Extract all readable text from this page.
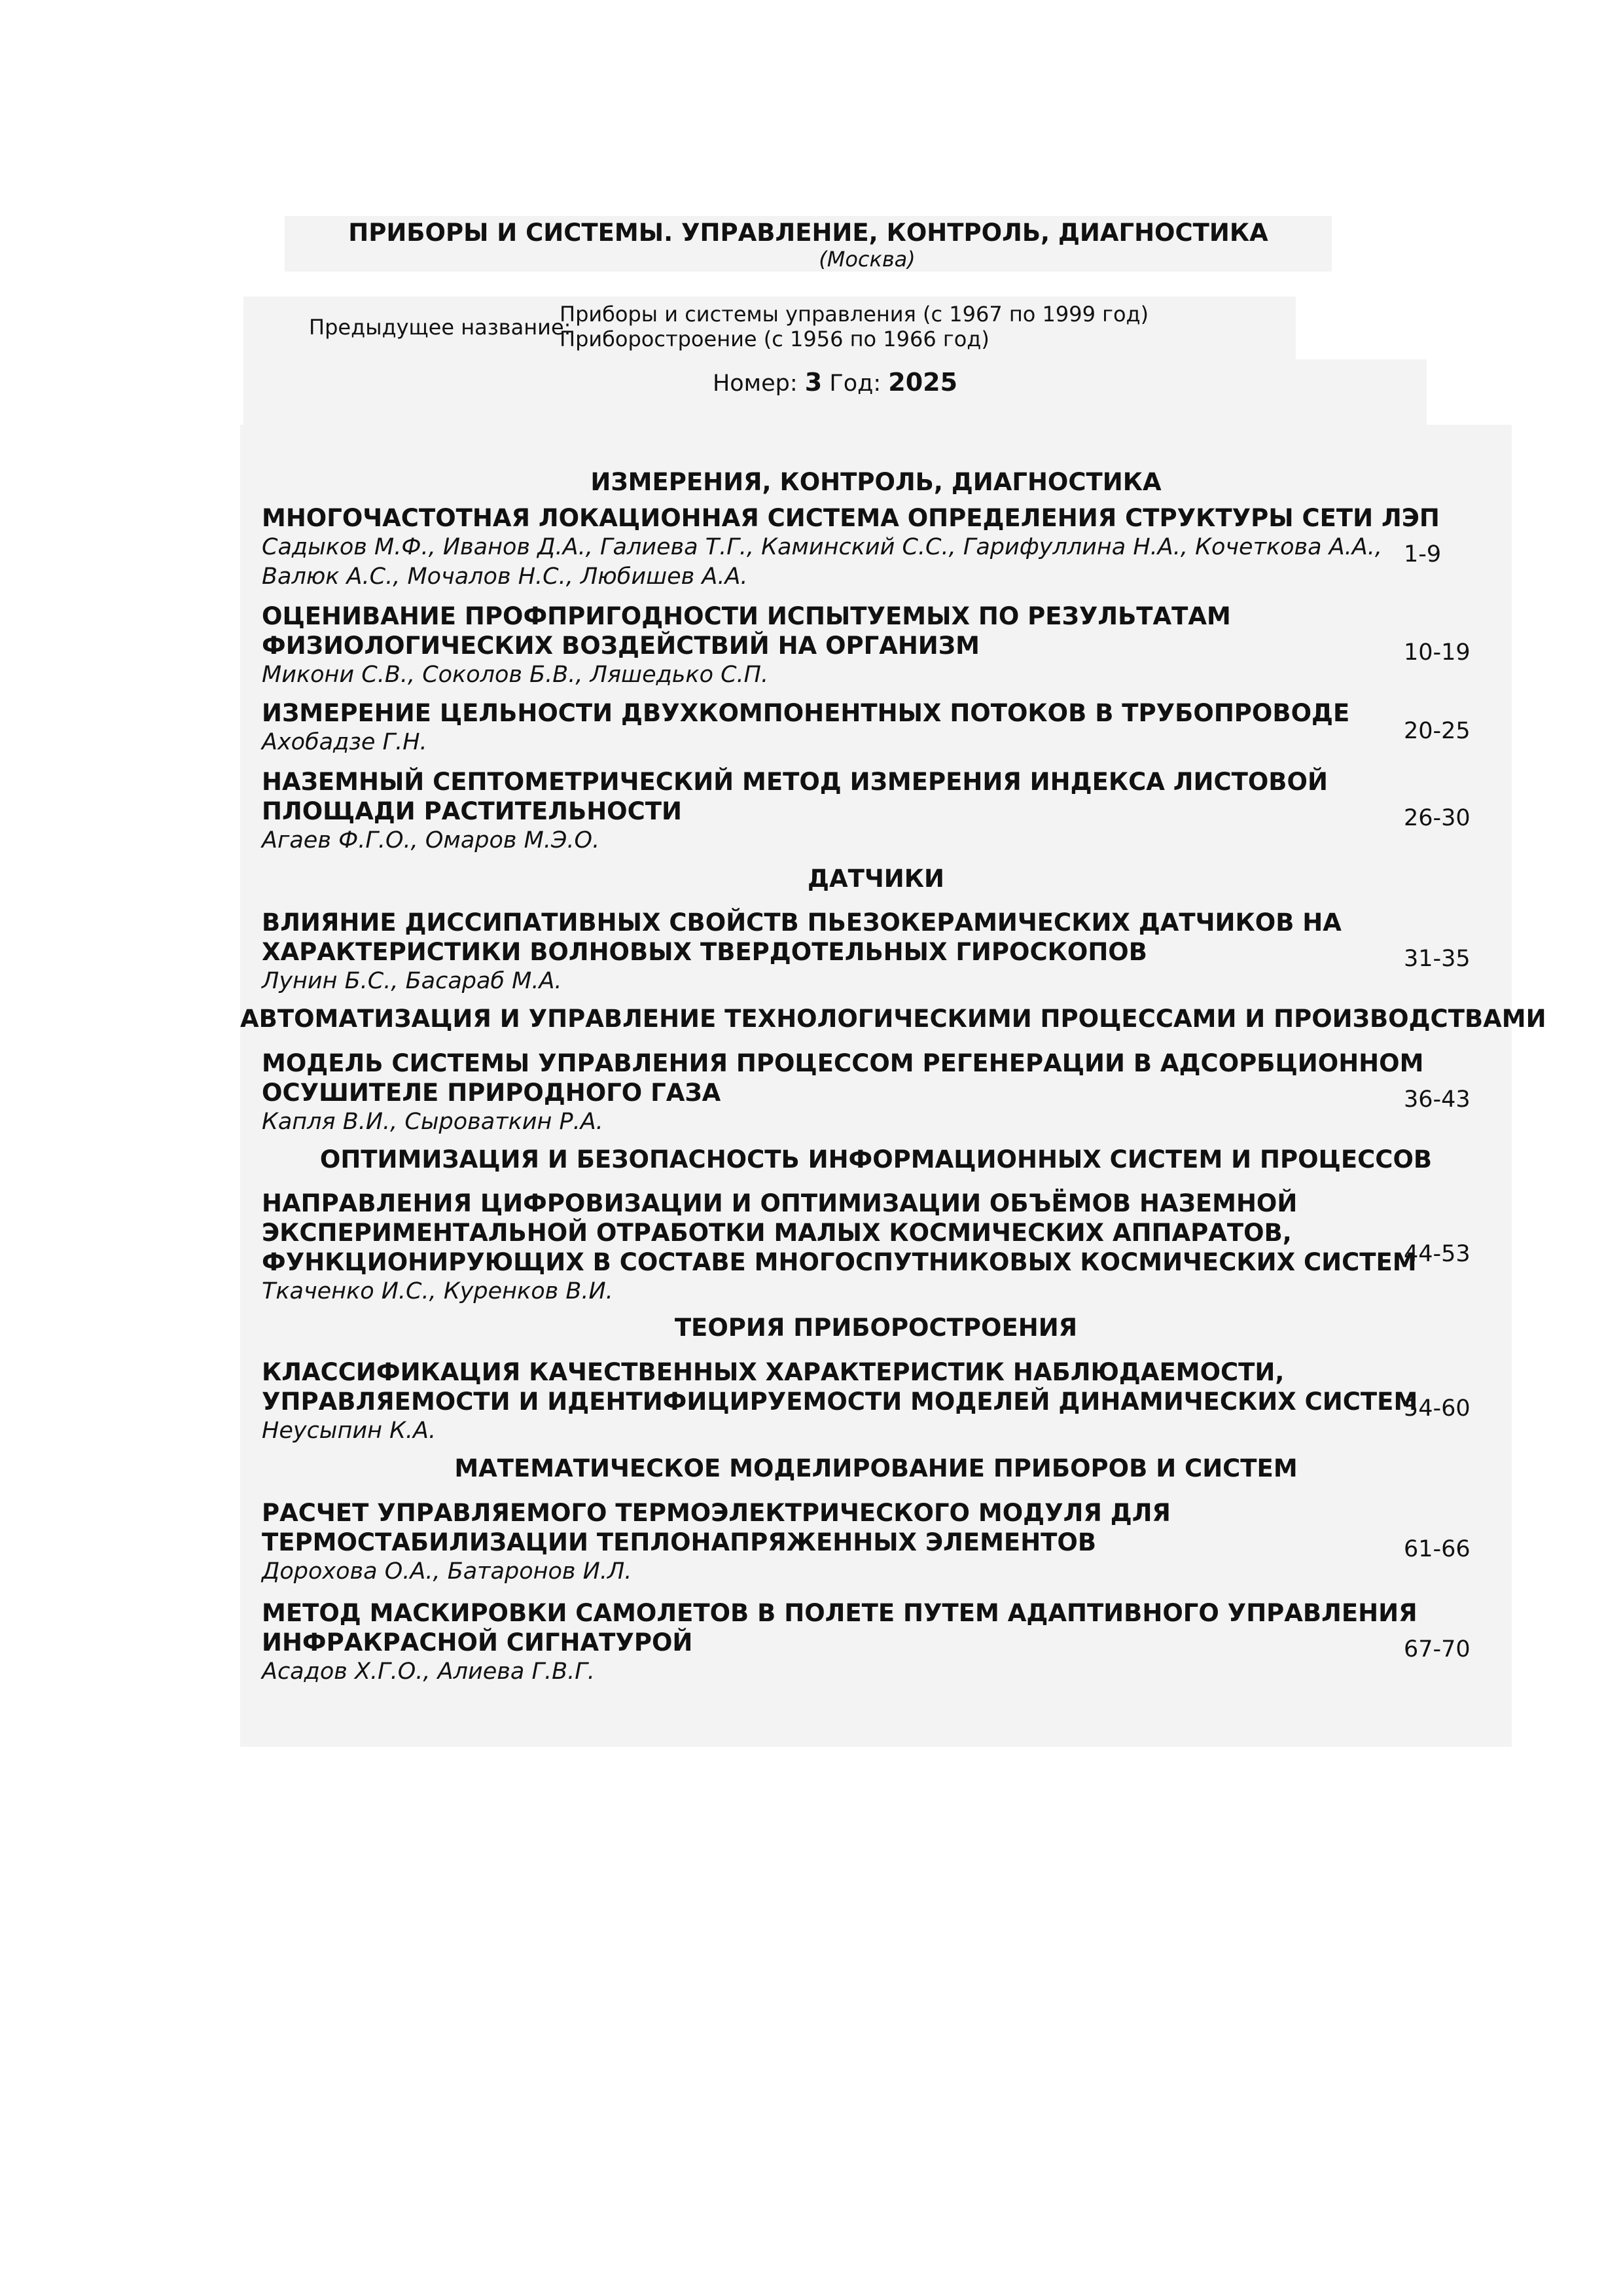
ПРИБОРЫ И СИСТЕМЫ. УПРАВЛЕНИЕ, КОНТРОЛЬ, ДИАГНОСТИКА
(Москва)
Предыдущее название:
Приборы и системы управления (с 1967 по 1999 год)
Приборостроение (с 1956 по 1966 год)
Номер: 3 Год: 2025
ИЗМЕРЕНИЯ, КОНТРОЛЬ, ДИАГНОСТИКА
МНОГОЧАСТОТНАЯ ЛОКАЦИОННАЯ СИСТЕМА ОПРЕДЕЛЕНИЯ СТРУКТУРЫ СЕТИ ЛЭП
Садыков М.Ф., Иванов Д.А., Галиева Т.Г., Каминский С.С., Гарифуллина Н.А., Кочеткова А.А.,
Валюк А.С., Мочалов Н.С., Любишев А.А.
1-9
ОЦЕНИВАНИЕ ПРОФПРИГОДНОСТИ ИСПЫТУЕМЫХ ПО РЕЗУЛЬТАТАМ
ФИЗИОЛОГИЧЕСКИХ ВОЗДЕЙСТВИЙ НА ОРГАНИЗМ
Микони С.В., Соколов Б.В., Ляшедько С.П.
10-19
ИЗМЕРЕНИЕ ЦЕЛЬНОСТИ ДВУХКОМПОНЕНТНЫХ ПОТОКОВ В ТРУБОПРОВОДЕ
Ахобадзе Г.Н.	20-25
НАЗЕМНЫЙ СЕПТОМЕТРИЧЕСКИЙ МЕТОД ИЗМЕРЕНИЯ ИНДЕКСА ЛИСТОВОЙ
ПЛОЩАДИ РАСТИТЕЛЬНОСТИ
Агаев Ф.Г.О., Омаров М.Э.О.
26-30
ДАТЧИКИ
ВЛИЯНИЕ ДИССИПАТИВНЫХ СВОЙСТВ ПЬЕЗОКЕРАМИЧЕСКИХ ДАТЧИКОВ НА
ХАРАКТЕРИСТИКИ ВОЛНОВЫХ ТВЕРДОТЕЛЬНЫХ ГИРОСКОПОВ
Лунин Б.С., Басараб М.А.
31-35
АВТОМАТИЗАЦИЯ И УПРАВЛЕНИЕ ТЕХНОЛОГИЧЕСКИМИ ПРОЦЕССАМИ И ПРОИЗВОДСТВАМИ
МОДЕЛЬ СИСТЕМЫ УПРАВЛЕНИЯ ПРОЦЕССОМ РЕГЕНЕРАЦИИ В АДСОРБЦИОННОМ
ОСУШИТЕЛЕ ПРИРОДНОГО ГАЗА
Капля В.И., Сыроваткин Р.А.
36-43
ОПТИМИЗАЦИЯ И БЕЗОПАСНОСТЬ ИНФОРМАЦИОННЫХ СИСТЕМ И ПРОЦЕССОВ
НАПРАВЛЕНИЯ ЦИФРОВИЗАЦИИ И ОПТИМИЗАЦИИ ОБЪЁМОВ НАЗЕМНОЙ
ЭКСПЕРИМЕНТАЛЬНОЙ ОТРАБОТКИ МАЛЫХ КОСМИЧЕСКИХ АППАРАТОВ,
ФУНКЦИОНИРУЮЩИХ В СОСТАВЕ МНОГОСПУТНИКОВЫХ КОСМИЧЕСКИХ СИСТЕМ
Ткаченко И.С., Куренков В.И.
44-53
ТЕОРИЯ ПРИБОРОСТРОЕНИЯ
КЛАССИФИКАЦИЯ КАЧЕСТВЕННЫХ ХАРАКТЕРИСТИК НАБЛЮДАЕМОСТИ,
УПРАВЛЯЕМОСТИ И ИДЕНТИФИЦИРУЕМОСТИ МОДЕЛЕЙ ДИНАМИЧЕСКИХ СИСТЕМ
Неусыпин К.А.
54-60
МАТЕМАТИЧЕСКОЕ МОДЕЛИРОВАНИЕ ПРИБОРОВ И СИСТЕМ
РАСЧЕТ УПРАВЛЯЕМОГО ТЕРМОЭЛЕКТРИЧЕСКОГО МОДУЛЯ ДЛЯ
ТЕРМОСТАБИЛИЗАЦИИ ТЕПЛОНАПРЯЖЕННЫХ ЭЛЕМЕНТОВ
Дорохова О.А., Батаронов И.Л.
61-66
МЕТОД МАСКИРОВКИ САМОЛЕТОВ В ПОЛЕТЕ ПУТЕМ АДАПТИВНОГО УПРАВЛЕНИЯ
ИНФРАКРАСНОЙ СИГНАТУРОЙ
Асадов Х.Г.О., Алиева Г.В.Г.
67-70
